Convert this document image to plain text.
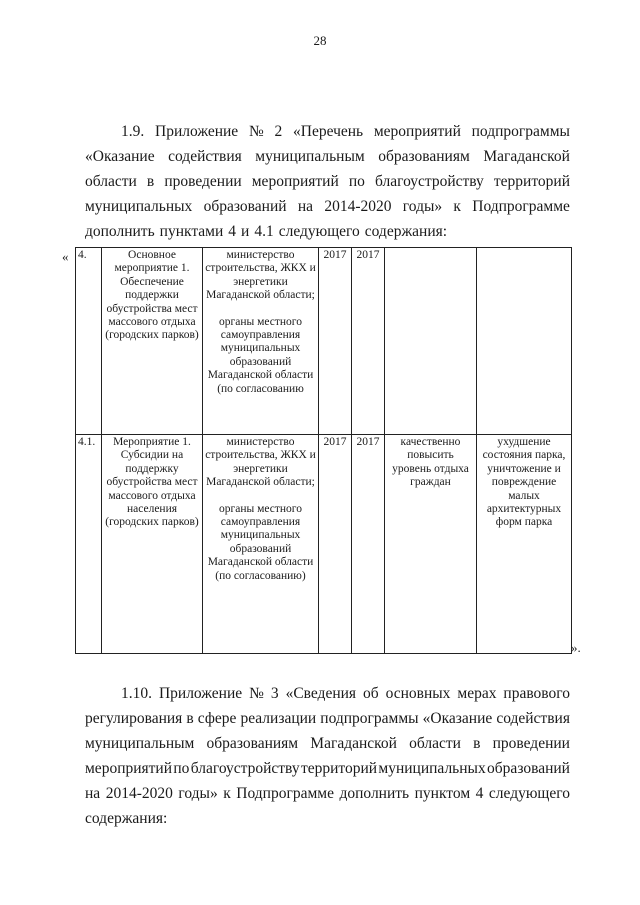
28
1.9. Приложение № 2 «Перечень мероприятий подпрограммы
«Оказание содействия муниципальным образованиям Магаданской
области в проведении мероприятий по благоустройству территорий
муниципальных образований на 2014-2020 годы» к Подпрограмме
дополнить пунктами 4 и 4.1 следующего содержания:
« 4.	Основное мероприятие 1. Обеспечение поддержки обустройства мест массового отдыха (городских парков)	министерство строительства, ЖКХ и энергетики Магаданской области;
органы местного самоуправления муниципальных образований Магаданской области (по согласованию	2017	2017		
4.1.	Мероприятие 1. Субсидии на поддержку обустройства мест массового отдыха населения (городских парков)	министерство строительства, ЖКХ и энергетики Магаданской области;
органы местного самоуправления муниципальных образований Магаданской области (по согласованию)	2017	2017	качественно повысить уровень отдыха граждан	ухудшение состояния парка, уничтожение и повреждение малых архитектурных форм парка
».
1.10. Приложение № 3 «Сведения об основных мерах правового
регулирования в сфере реализации подпрограммы «Оказание содействия
муниципальным образованиям Магаданской области в проведении
мероприятий по благоустройству территорий муниципальных образований
на 2014-2020 годы» к Подпрограмме дополнить пунктом 4 следующего
содержания:
